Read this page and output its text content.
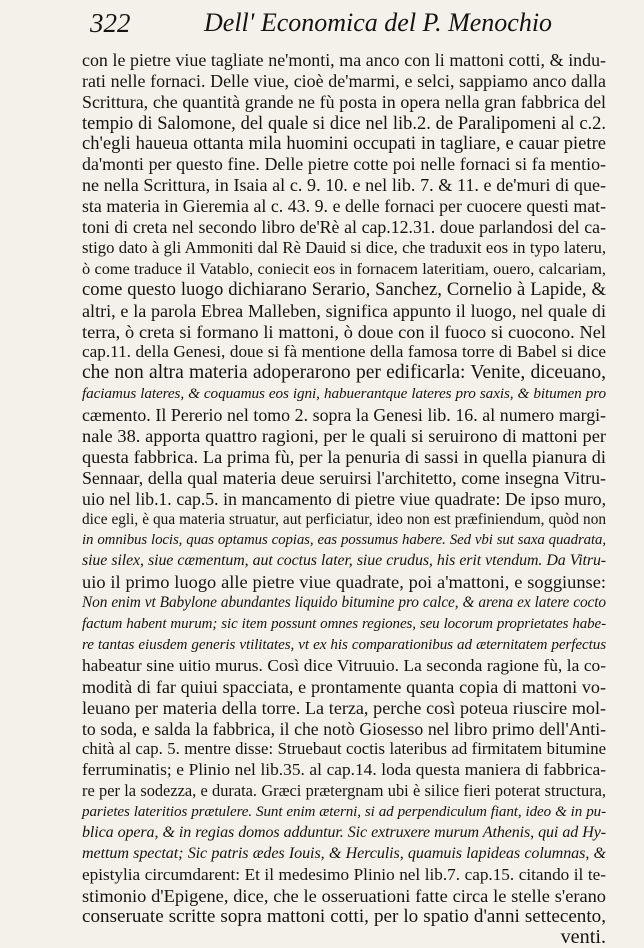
322	Dell' Economica del P. Menochio
con le pietre viue tagliate ne'monti, ma anco con li mattoni cotti, & indu-
rati nelle fornaci. Delle viue, cioè de'marmi, e selci, sappiamo anco dalla
Scrittura, che quantità grande ne fù posta in opera nella gran fabbrica del
tempio di Salomone, del quale si dice nel lib.2. de Paralipomeni al c.2.
ch'egli haueua ottanta mila huomini occupati in tagliare, e cauar pietre
da'monti per questo fine. Delle pietre cotte poi nelle fornaci si fa mentio-
ne nella Scrittura, in Isaia al c. 9. 10. e nel lib. 7. & 11. e de'muri di que-
sta materia in Gieremia al c. 43. 9. e delle fornaci per cuocere questi mat-
toni di creta nel secondo libro de'Rè al cap.12.31. doue parlandosi del ca-
stigo dato à gli Ammoniti dal Rè Dauid si dice, che traduxit eos in typo lateru,
ò come traduce il Vatablo, coniecit eos in fornacem lateritiam, ouero, calcariam,
come questo luogo dichiarano Serario, Sanchez, Cornelio à Lapide, &
altri, e la parola Ebrea Malleben, significa appunto il luogo, nel quale di
terra, ò creta si formano li mattoni, ò doue con il fuoco si cuocono. Nel
cap.11. della Genesi, doue si fà mentione della famosa torre di Babel si dice
che non altra materia adoperarono per edificarla: Venite, diceuano,
faciamus lateres, & coquamus eos igni, habuerantque lateres pro saxis, & bitumen pro
cæmento. Il Pererio nel tomo 2. sopra la Genesi lib. 16. al numero margi-
nale 38. apporta quattro ragioni, per le quali si seruirono di mattoni per
questa fabbrica. La prima fù, per la penuria di sassi in quella pianura di
Sennaar, della qual materia deue seruirsi l'architetto, come insegna Vitru-
uio nel lib.1. cap.5. in mancamento di pietre viue quadrate: De ipso muro,
dice egli, è qua materia struatur, aut perficiatur, ideo non est præfiniendum, quòd non
in omnibus locis, quas optamus copias, eas possumus habere. Sed vbi sut saxa quadrata,
siue silex, siue cæmentum, aut coctus later, siue crudus, his erit vtendum. Da Vitru-
uio il primo luogo alle pietre viue quadrate, poi a'mattoni, e soggiunse:
Non enim vt Babylone abundantes liquido bitumine pro calce, & arena ex latere cocto
factum habent murum; sic item possunt omnes regiones, seu locorum proprietates habe-
re tantas eiusdem generis vtilitates, vt ex his comparationibus ad æternitatem perfectus
habeatur sine uitio murus. Così dice Vitruuio. La seconda ragione fù, la co-
modità di far quiui spacciata, e prontamente quanta copia di mattoni vo-
leuano per materia della torre. La terza, perche così poteua riuscire mol-
to soda, e salda la fabbrica, il che notò Giosesso nel libro primo dell'Anti-
chità al cap. 5. mentre disse: Struebaut coctis lateribus ad firmitatem bitumine
ferruminatis; e Plinio nel lib.35. al cap.14. loda questa maniera di fabbrica-
re per la sodezza, e durata. Græci prætergnam ubi è silice fieri poterat structura,
parietes lateritios prætulere. Sunt enim æterni, si ad perpendiculum fiant, ideo & in pu-
blica opera, & in regias domos adduntur. Sic extruxere murum Athenis, qui ad Hy-
mettum spectat; Sic patris ædes Iouis, & Herculis, quamuis lapideas columnas, &
epistylia circumdarent: Et il medesimo Plinio nel lib.7. cap.15. citando il te-
stimonio d'Epigene, dice, che le osseruationi fatte circa le stelle s'erano
conseruate scritte sopra mattoni cotti, per lo spatio d'anni settecento,
venti.
